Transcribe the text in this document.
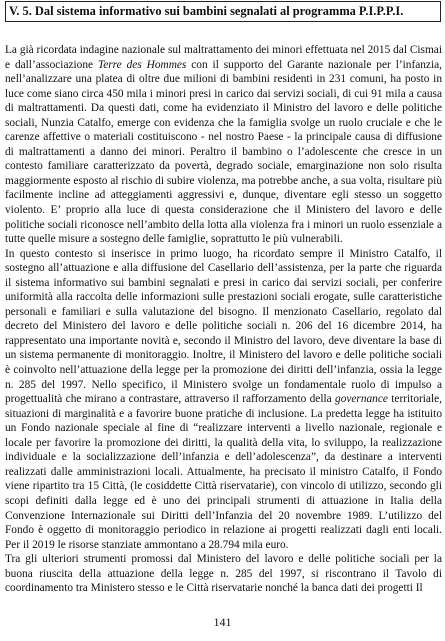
V. 5. Dal sistema informativo sui bambini segnalati al programma P.I.P.P.I.

La già ricordata indagine nazionale sul maltrattamento dei minori effettuata nel 2015 dal Cismai e dall’associazione Terre des Hommes con il supporto del Garante nazionale per l’infanzia, nell’analizzare una platea di oltre due milioni di bambini residenti in 231 comuni, ha posto in luce come siano circa 450 mila i minori presi in carico dai servizi sociali, di cui 91 mila a causa di maltrattamenti. Da questi dati, come ha evidenziato il Ministro del lavoro e delle politiche sociali, Nunzia Catalfo, emerge con evidenza che la famiglia svolge un ruolo cruciale e che le carenze affettive o materiali costituiscono - nel nostro Paese - la principale causa di diffusione di maltrattamenti a danno dei minori. Peraltro il bambino o l’adolescente che cresce in un contesto familiare caratterizzato da povertà, degrado sociale, emarginazione non solo risulta maggiormente esposto al rischio di subire violenza, ma potrebbe anche, a sua volta, risultare più facilmente incline ad atteggiamenti aggressivi e, dunque, diventare egli stesso un soggetto violento. E’ proprio alla luce di questa considerazione che il Ministero del lavoro e delle politiche sociali riconosce nell’ambito della lotta alla violenza fra i minori un ruolo essenziale a tutte quelle misure a sostegno delle famiglie, soprattutto le più vulnerabili.

In questo contesto si inserisce in primo luogo, ha ricordato sempre il Ministro Catalfo, il sostegno all’attuazione e alla diffusione del Casellario dell’assistenza, per la parte che riguarda il sistema informativo sui bambini segnalati e presi in carico dai servizi sociali, per conferire uniformità alla raccolta delle informazioni sulle prestazioni sociali erogate, sulle caratteristiche personali e familiari e sulla valutazione del bisogno. Il menzionato Casellario, regolato dal decreto del Ministero del lavoro e delle politiche sociali n. 206 del 16 dicembre 2014, ha rappresentato una importante novità e, secondo il Ministro del lavoro, deve diventare la base di un sistema permanente di monitoraggio. Inoltre, il Ministero del lavoro e delle politiche sociali è coinvolto nell’attuazione della legge per la promozione dei diritti dell’infanzia, ossia la legge n. 285 del 1997. Nello specifico, il Ministero svolge un fondamentale ruolo di impulso a progettualità che mirano a contrastare, attraverso il rafforzamento della governance territoriale, situazioni di marginalità e a favorire buone pratiche di inclusione. La predetta legge ha istituito un Fondo nazionale speciale al fine di “realizzare interventi a livello nazionale, regionale e locale per favorire la promozione dei diritti, la qualità della vita, lo sviluppo, la realizzazione individuale e la socializzazione dell’infanzia e dell’adolescenza”, da destinare a interventi realizzati dalle amministrazioni locali. Attualmente, ha precisato il ministro Catalfo, il Fondo viene ripartito tra 15 Città, (le cosiddette Città riservatarie), con vincolo di utilizzo, secondo gli scopi definiti dalla legge ed è uno dei principali strumenti di attuazione in Italia della Convenzione Internazionale sui Diritti dell’Infanzia del 20 novembre 1989. L’utilizzo del Fondo è oggetto di monitoraggio periodico in relazione ai progetti realizzati dagli enti locali. Per il 2019 le risorse stanziate ammontano a 28.794 mila euro.

Tra gli ulteriori strumenti promossi dal Ministero del lavoro e delle politiche sociali per la buona riuscita della attuazione della legge n. 285 del 1997, si riscontrano il Tavolo di coordinamento tra Ministero stesso e le Città riservatarie nonché la banca dati dei progetti Il

141
